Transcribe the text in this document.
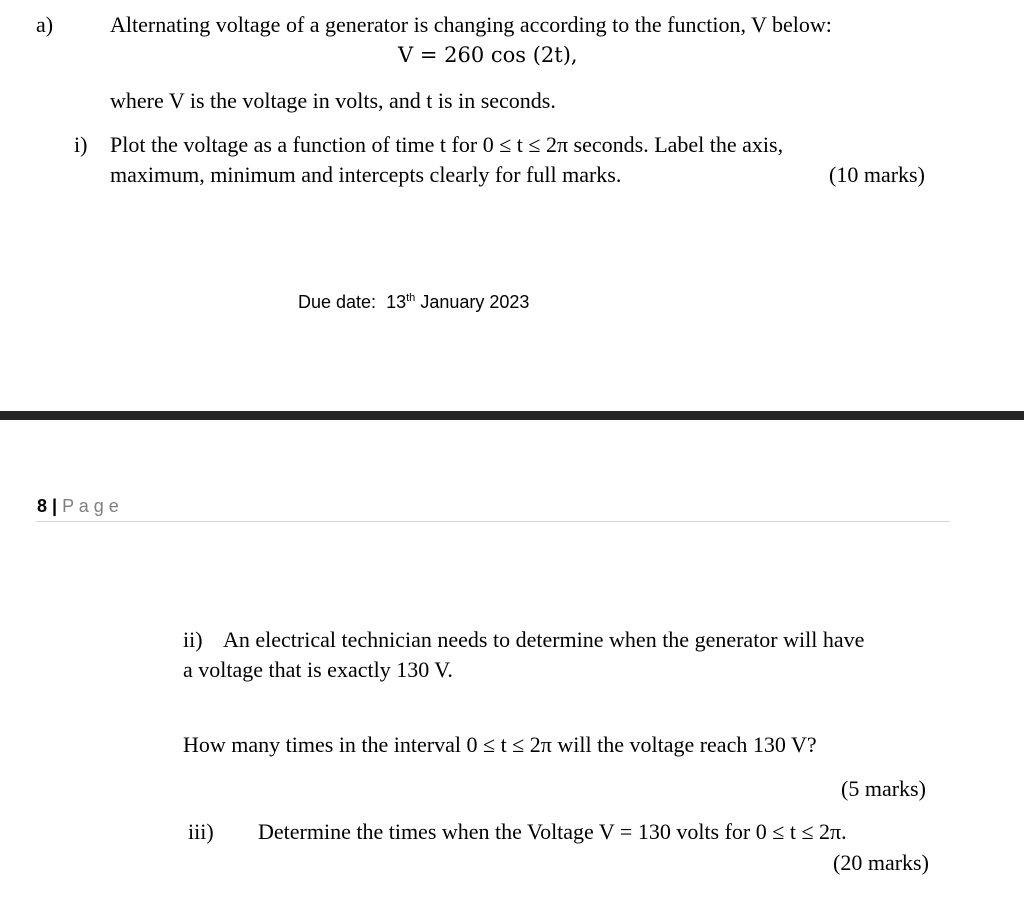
a)	Alternating voltage of a generator is changing according to the function, V below:
V = 260 cos (2t),
where V is the voltage in volts, and t is in seconds.
i) Plot the voltage as a function of time t for 0 ≤ t ≤ 2π seconds. Label the axis,
maximum, minimum and intercepts clearly for full marks.	(10 marks)
Due date: 13th January 2023
8 | P a g e
ii) An electrical technician needs to determine when the generator will have
a voltage that is exactly 130 V.
How many times in the interval 0 ≤ t ≤ 2π will the voltage reach 130 V?
(5 marks)
iii) Determine the times when the Voltage V = 130 volts for 0 ≤ t ≤ 2π.
(20 marks)
